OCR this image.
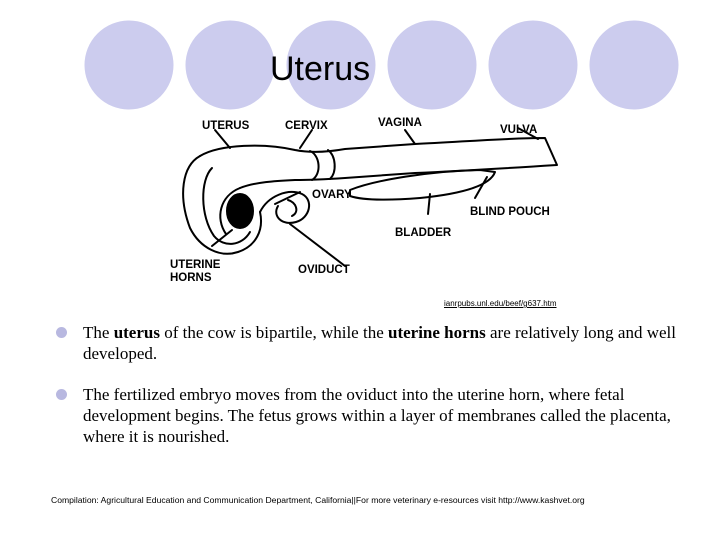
Uterus
UTERUS	CERVIX	VAGINA
VULVA
OVARY
BLIND POUCH
BLADDER
UTERINE
HORNS
OVIDUCT
ianrpubs.unl.edu/beef/g637.htm
The uterus of the cow is bipartile, while the uterine horns are relatively long and well developed.
The fertilized embryo moves from the oviduct into the uterine horn, where fetal development begins. The fetus grows within a layer of membranes called the placenta, where it is nourished.
Compilation: Agricultural Education and Communication Department, California||For more veterinary e-resources visit http://www.kashvet.org
